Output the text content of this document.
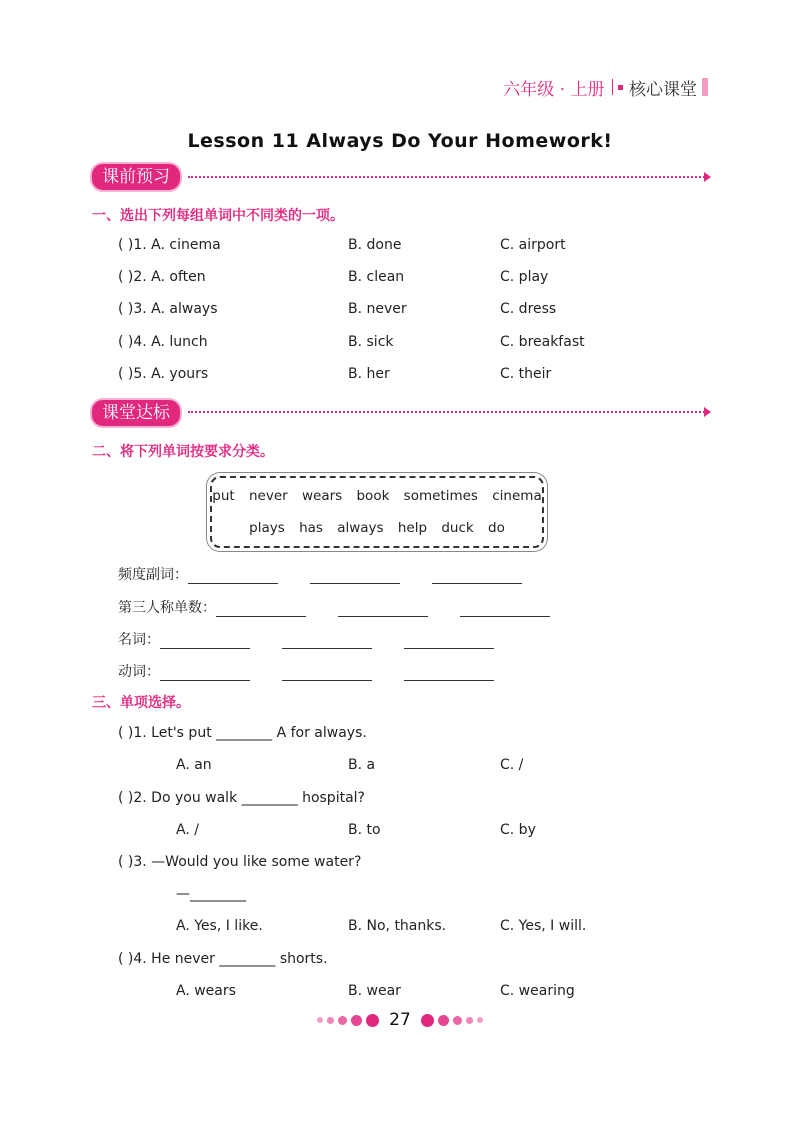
六年级 · 上册 核心课堂
Lesson 11 Always Do Your Homework!
课前预习
一、选出下列每组单词中不同类的一项。
( )1. A. cinema	B. done	C. airport
( )2. A. often	B. clean	C. play
( )3. A. always	B. never	C. dress
( )4. A. lunch	B. sick	C. breakfast
( )5. A. yours	B. her	C. their
课堂达标
二、将下列单词按要求分类。
put never wears book sometimes cinema
plays has always help duck do
频度副词：
第三人称单数：
名词：
动词：
三、单项选择。
( )1. Let's put ________ A for always.
A. an	B. a	C. /
( )2. Do you walk ________ hospital?
A. /	B. to	C. by
( )3. —Would you like some water?
—________
A. Yes, I like.	B. No, thanks.	C. Yes, I will.
( )4. He never ________ shorts.
A. wears	B. wear	C. wearing
27
